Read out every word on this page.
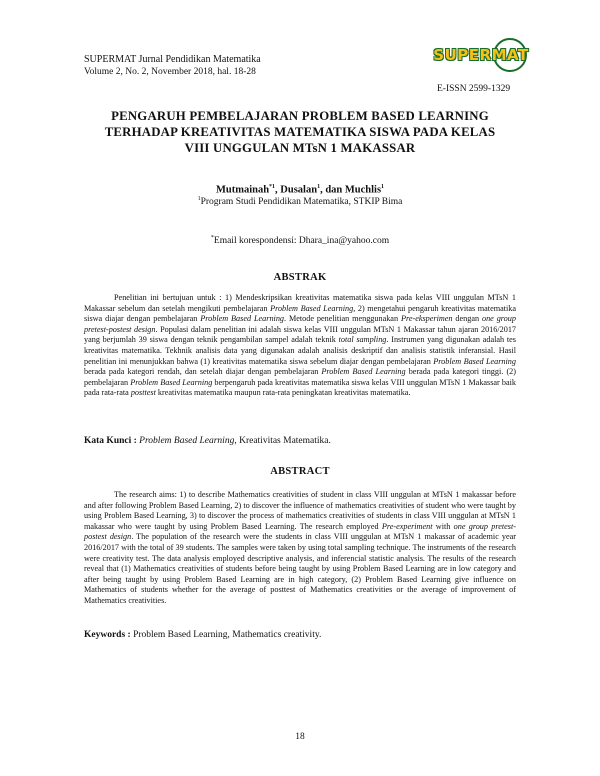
SUPERMAT Jurnal Pendidikan Matematika
Volume 2, No. 2, November 2018, hal. 18-28
SUPERMAT
E-ISSN 2599-1329
PENGARUH PEMBELAJARAN PROBLEM BASED LEARNING
TERHADAP KREATIVITAS MATEMATIKA SISWA PADA KELAS
VIII UNGGULAN MTsN 1 MAKASSAR
Mutmainah$^{*1}$, Dusalan$^1$, dan Muchlis$^1$
$^1$Program Studi Pendidikan Matematika, STKIP Bima
*Email korespondensi: Dhara_ina@yahoo.com
ABSTRAK
Penelitian ini bertujuan untuk : 1) Mendeskripsikan kreativitas matematika siswa pada kelas VIII unggulan MTsN 1 Makassar sebelum dan setelah mengikuti pembelajaran Problem Based Learning, 2) mengetahui pengaruh kreativitas matematika siswa diajar dengan pembelajaran Problem Based Learning. Metode penelitian menggunakan Pre-eksperimen dengan one group pretest-postest design. Populasi dalam penelitian ini adalah siswa kelas VIII unggulan MTsN 1 Makassar tahun ajaran 2016/2017 yang berjumlah 39 siswa dengan teknik pengambilan sampel adalah teknik total sampling. Instrumen yang digunakan adalah tes kreativitas matematika. Tekhnik analisis data yang digunakan adalah analisis deskriptif dan analisis statistik inferansial. Hasil penelitian ini menunjukkan bahwa (1) kreativitas matematika siswa sebelum diajar dengan pembelajaran Problem Based Learning berada pada kategori rendah, dan setelah diajar dengan pembelajaran Problem Based Learning berada pada kategori tinggi. (2) pembelajaran Problem Based Learning berpengaruh pada kreativitas matematika siswa kelas VIII unggulan MTsN 1 Makassar baik pada rata-rata posttest kreativitas matematika maupun rata-rata peningkatan kreativitas matematika.
Kata Kunci : Problem Based Learning, Kreativitas Matematika.
ABSTRACT
The research aims: 1) to describe Mathematics creativities of student in class VIII unggulan at MTsN 1 makassar before and after following Problem Based Learning, 2) to discover the influence of mathematics creativities of student who were taught by using Problem Based Learning, 3) to discover the process of mathematics creativities of students in class VIII unggulan at MTsN 1 makassar who were taught by using Problem Based Learning. The research employed Pre-experiment with one group pretest-postest design. The population of the research were the students in class VIII unggulan at MTsN 1 makassar of academic year 2016/2017 with the total of 39 students. The samples were taken by using total sampling technique. The instruments of the research were creativity test. The data analysis employed descriptive analysis, and inferencial statistic analysis. The results of the research reveal that (1) Mathematics creativities of students before being taught by using Problem Based Learning are in low category and after being taught by using Problem Based Learning are in high category, (2) Problem Based Learning give influence on Mathematics of students whether for the average of posttest of Mathematics creativities or the average of improvement of Mathematics creativities.
Keywords : Problem Based Learning, Mathematics creativity.
18
